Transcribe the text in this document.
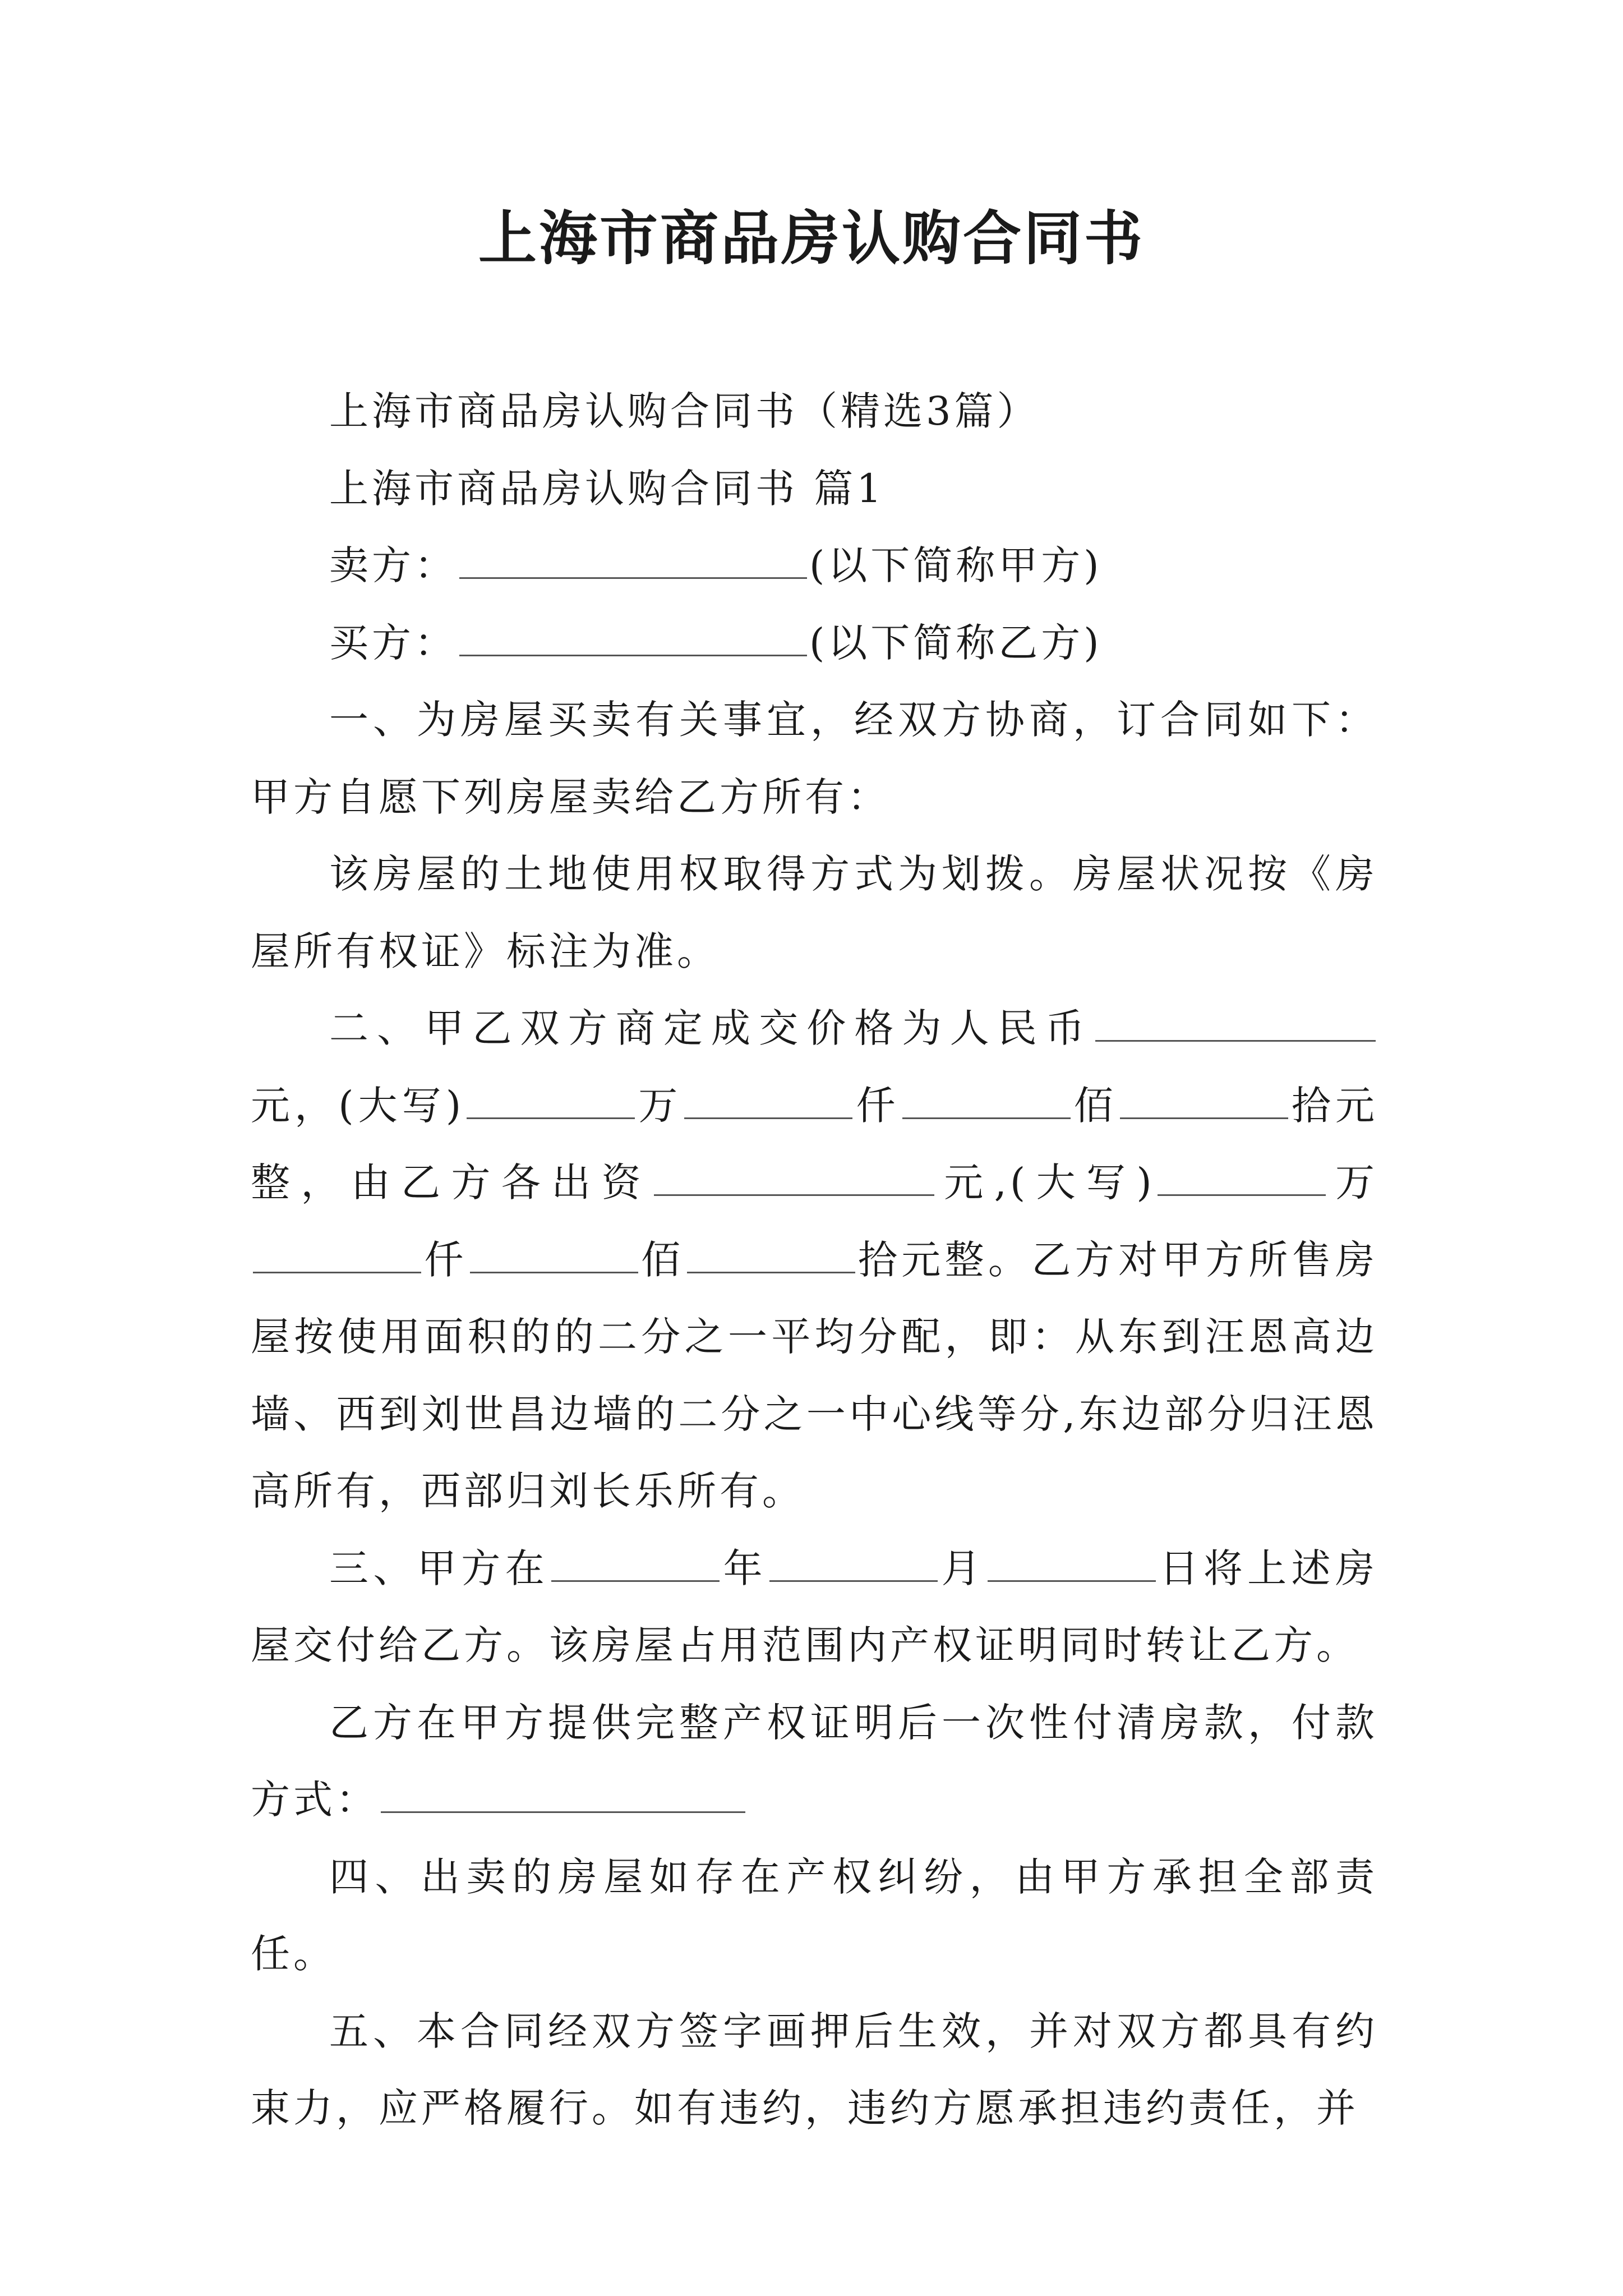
上海市商品房认购合同书

上海市商品房认购合同书（精选3篇）

上海市商品房认购合同书 篇1

卖方：	(以下简称甲方)

买方：	(以下简称乙方)

一、为房屋买卖有关事宜，经双方协商，订合同如下：甲方自愿下列房屋卖给乙方所有：

该房屋的土地使用权取得方式为划拨。房屋状况按《房屋所有权证》标注为准。

二、甲乙双方商定成交价格为人民币元，(大写)	万	仟	佰	拾元整，由乙方各出资	元,(大写)	万仟	佰	拾元整。乙方对甲方所售房屋按使用面积的的二分之一平均分配，即：从东到汪恩高边墙、西到刘世昌边墙的二分之一中心线等分,东边部分归汪恩高所有，西部归刘长乐所有。

三、甲方在	年	月	日将上述房屋交付给乙方。该房屋占用范围内产权证明同时转让乙方。

乙方在甲方提供完整产权证明后一次性付清房款，付款方式：

四、出卖的房屋如存在产权纠纷，由甲方承担全部责任。

五、本合同经双方签字画押后生效，并对双方都具有约束力，应严格履行。如有违约，违约方愿承担违约责任，并
